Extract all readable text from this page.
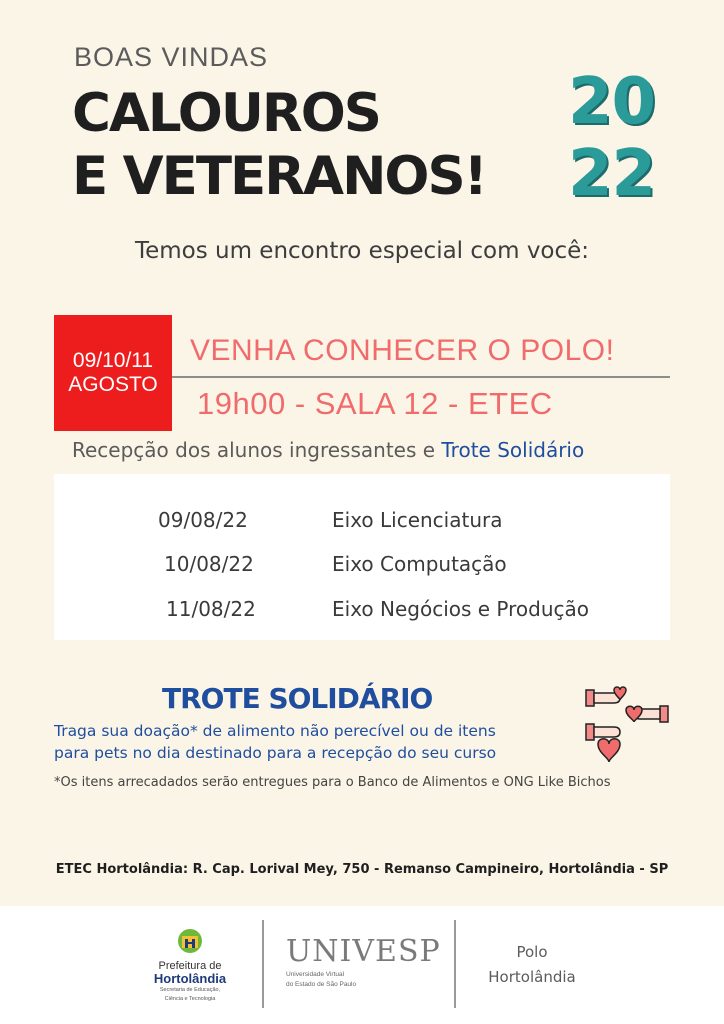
BOAS VINDAS
CALOUROS
E VETERANOS!
20
22
Temos um encontro especial com você:
09/10/11
AGOSTO
VENHA CONHECER O POLO!
19h00 - SALA 12 - ETEC
Recepção dos alunos ingressantes e Trote Solidário
09/08/22	Eixo Licenciatura
10/08/22	Eixo Computação
11/08/22	Eixo Negócios e Produção
TROTE SOLIDÁRIO
Traga sua doação* de alimento não perecível ou de itens
para pets no dia destinado para a recepção do seu curso
*Os itens arrecadados serão entregues para o Banco de Alimentos e ONG Like Bichos
ETEC Hortolândia: R. Cap. Lorival Mey, 750 - Remanso Campineiro, Hortolândia - SP
Prefeitura de
Hortolândia
Secretaria de Educação,
Ciência e Tecnologia
UNIVESP
Universidade Virtual
do Estado de São Paulo
Polo
Hortolândia
